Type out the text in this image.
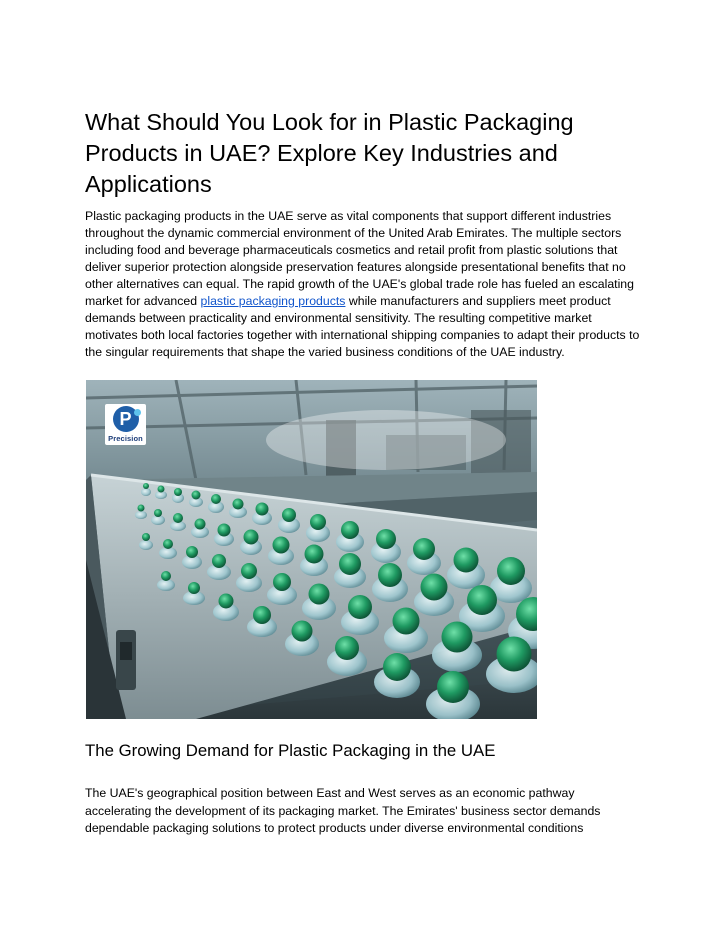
What Should You Look for in Plastic Packaging Products in UAE? Explore Key Industries and Applications

Plastic packaging products in the UAE serve as vital components that support different industries throughout the dynamic commercial environment of the United Arab Emirates. The multiple sectors including food and beverage pharmaceuticals cosmetics and retail profit from plastic solutions that deliver superior protection alongside preservation features alongside presentational benefits that no other alternatives can equal. The rapid growth of the UAE's global trade role has fueled an escalating market for advanced plastic packaging products while manufacturers and suppliers meet product demands between practicality and environmental sensitivity. The resulting competitive market motivates both local factories together with international shipping companies to adapt their products to the singular requirements that shape the varied business conditions of the UAE industry.

P
Precision
The Growing Demand for Plastic Packaging in the UAE

The UAE's geographical position between East and West serves as an economic pathway accelerating the development of its packaging market. The Emirates' business sector demands dependable packaging solutions to protect products under diverse environmental conditions
